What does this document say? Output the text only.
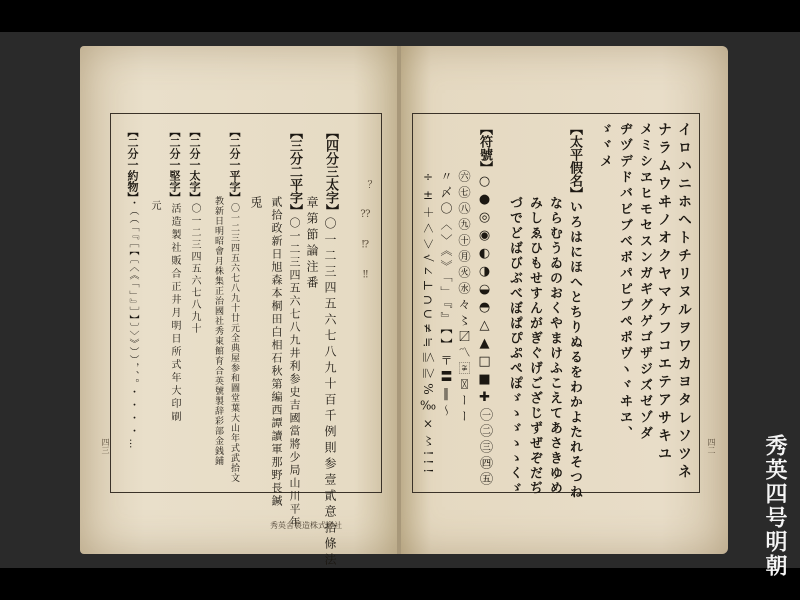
【四分三太字】〇一二三四五六七八九十百千例則参壹貳意拾條法
章第節論注番
【三分二平字】〇一二三四五六七八九井利参史吉國當將少局山川平年
貳拾政新日旭森本桐田白相石秋第編西譚讀軍那野長鍼
兎
【二分一平字】〇一二三四五六七八九十廿元全典屋参和圖堂葉大山年式武拾文
教新日明昭會月株集正治國社秀東館育合英號製辞彩部金銭鋪
【二分一太字】〇一二三四五六七八九十
【二分一堅字】活造製社販合正井月明日所式年大印刷
元
【二分一約物】・（（「『［【〔〈《「」』］】〕〉》）），、。・・・・…	？ ⁇ ⁉ ‼
四三
秀英舍製造株式會社
イロハニホヘトチリヌルヲワカヨタレソツネ
ナラムウヰノオクヤマケフコエテアサキユ
メミシヱヒモセスンガギグゲゴザジズゼゾダ
ヂヅデドバビブベボパピプペポヴヽヾヰヱ、
ゞヾメ
【太平假名】いろはにほへとちりぬるをわかよたれそつね
ならむうゐのおくやまけふこえてあさきゆめ
みしゑひもせすんがぎぐげござじずぜぞだぢ
づでどばびぶべぼぱぴぷぺぽゞゝゞゝゝくゞ
【符號】○●◎◉◐◑◒◓△▲□■✚㊀㊁㊂㊃㊄
㊅㊆㊇㊈㊉㊊㊋㊌々〻〼〽〾〿ーー
〃〆〇〈〉《》「」『』【】〒〓‖〜
÷±＋＜＞√∠⊥∩∪≠≒≦≧%‰×〻!!!	四二 秀英四号明朝
